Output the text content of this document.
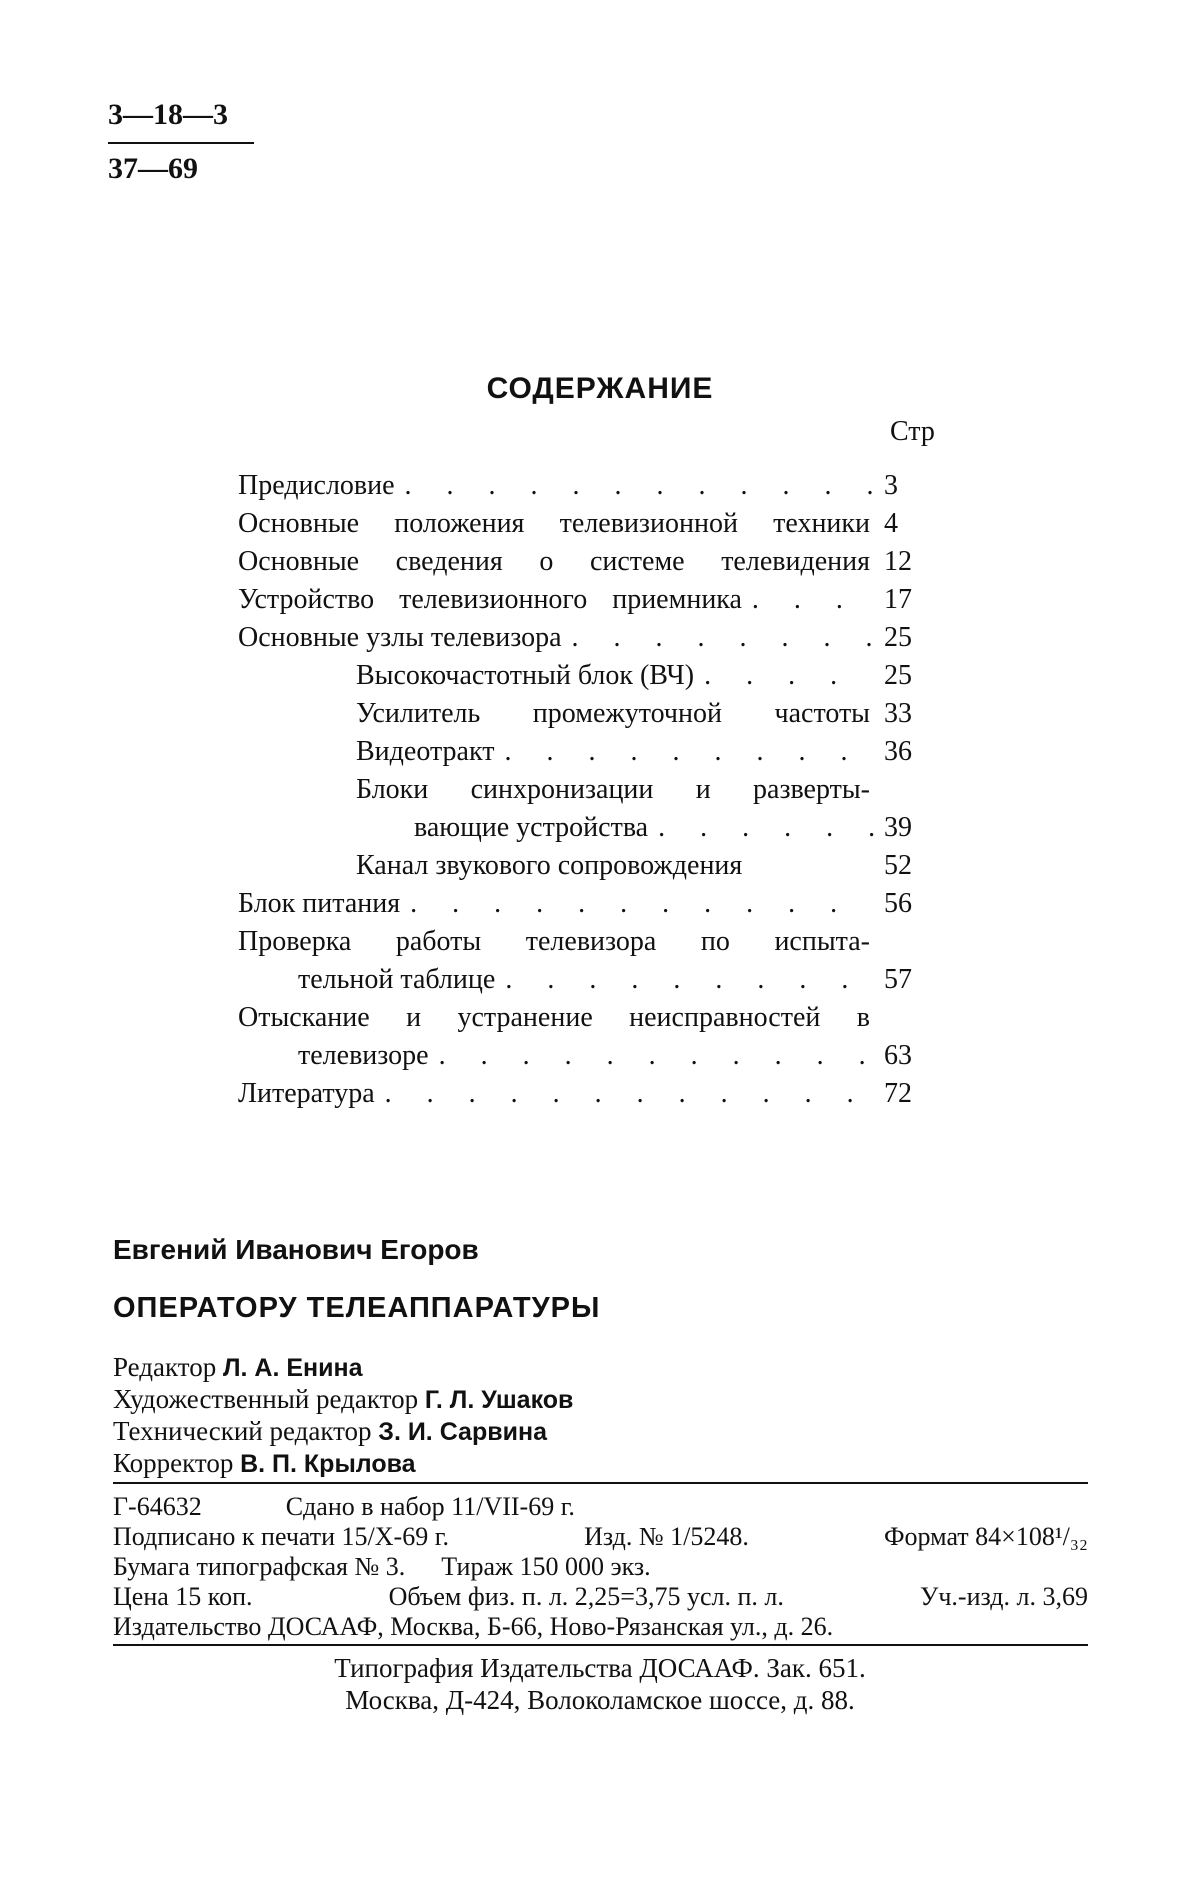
3—18—3
37—69
СОДЕРЖАНИЕ
Стр
Предисловие . . .	3
Основные положения телевизионной техники 4
Основные сведения о системе телевидения 12
Устройство телевизионного приемника . . .	17
Основные узлы телевизора . . .	25
Высокочастотный блок (ВЧ) . . .	25
Усилитель промежуточной частоты 33
Видеотракт . . .	36
Блоки синхронизации и разверты-
вающие устройства . . .	39
Канал звукового сопровождения	52
Блок питания . . .	56
Проверка работы телевизора по испыта-
тельной таблице . . .	57
Отыскание и устранение неисправностей в
телевизоре . . .	63
Литература . . .	72
Евгений Иванович Егоров
ОПЕРАТОРУ ТЕЛЕАППАРАТУРЫ
Редактор Л. А. Енина
Художественный редактор Г. Л. Ушаков
Технический редактор З. И. Сарвина
Корректор В. П. Крылова
Г-64632	Сдано в набор 11/VII-69 г.
Подписано к печати 15/X-69 г.	Изд. № 1/5248.	Формат 84×108¹/₃₂
Бумага типографская № 3. Тираж 150 000 экз.
Цена 15 коп.	Объем физ. п. л. 2,25=3,75 усл. п. л.	Уч.-изд. л. 3,69
Издательство ДОСААФ, Москва, Б-66, Ново-Рязанская ул., д. 26.
Типография Издательства ДОСААФ. Зак. 651.
Москва, Д-424, Волоколамское шоссе, д. 88.
